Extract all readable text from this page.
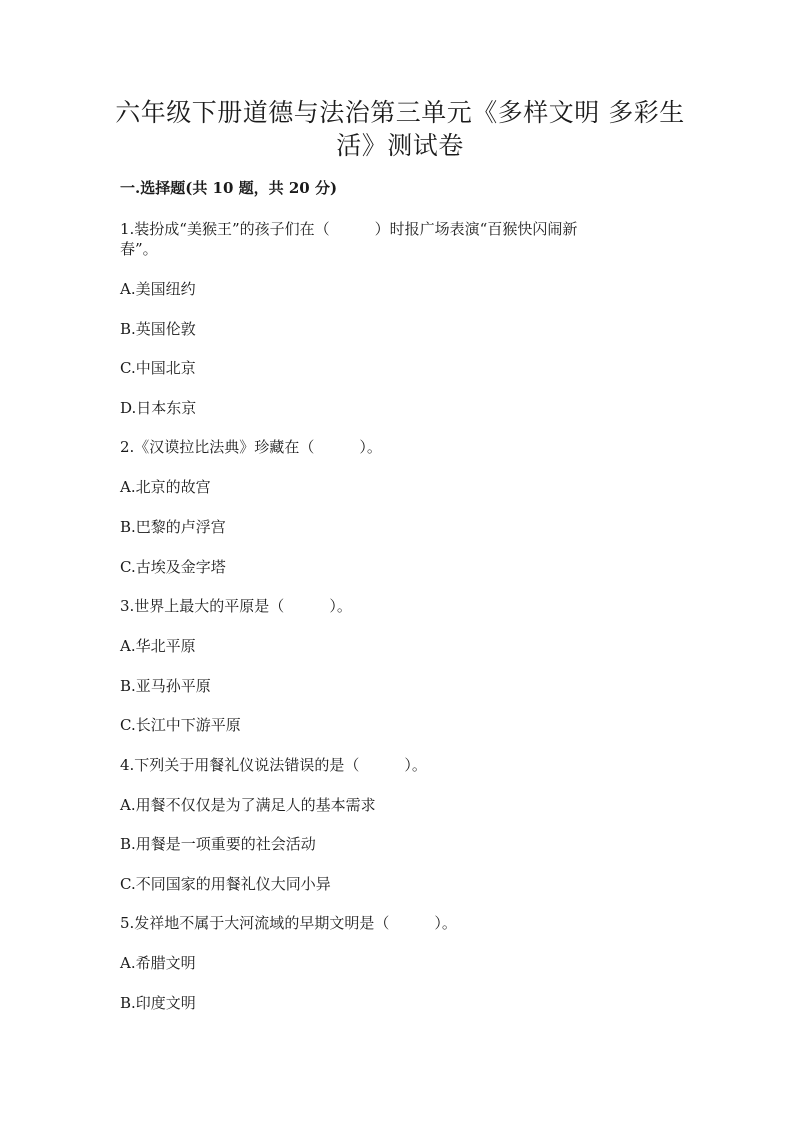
六年级下册道德与法治第三单元《多样文明 多彩生
活》测试卷
一.选择题(共 10 题，共 20 分)
1.装扮成“美猴王”的孩子们在（　　　）时报广场表演“百猴快闪闹新
春”。
A.美国纽约
B.英国伦敦
C.中国北京
D.日本东京
2.《汉谟拉比法典》珍藏在（　　　）。
A.北京的故宫
B.巴黎的卢浮宫
C.古埃及金字塔
3.世界上最大的平原是（　　　）。
A.华北平原
B.亚马孙平原
C.长江中下游平原
4.下列关于用餐礼仪说法错误的是（　　　）。
A.用餐不仅仅是为了满足人的基本需求
B.用餐是一项重要的社会活动
C.不同国家的用餐礼仪大同小异
5.发祥地不属于大河流域的早期文明是（　　　）。
A.希腊文明
B.印度文明
